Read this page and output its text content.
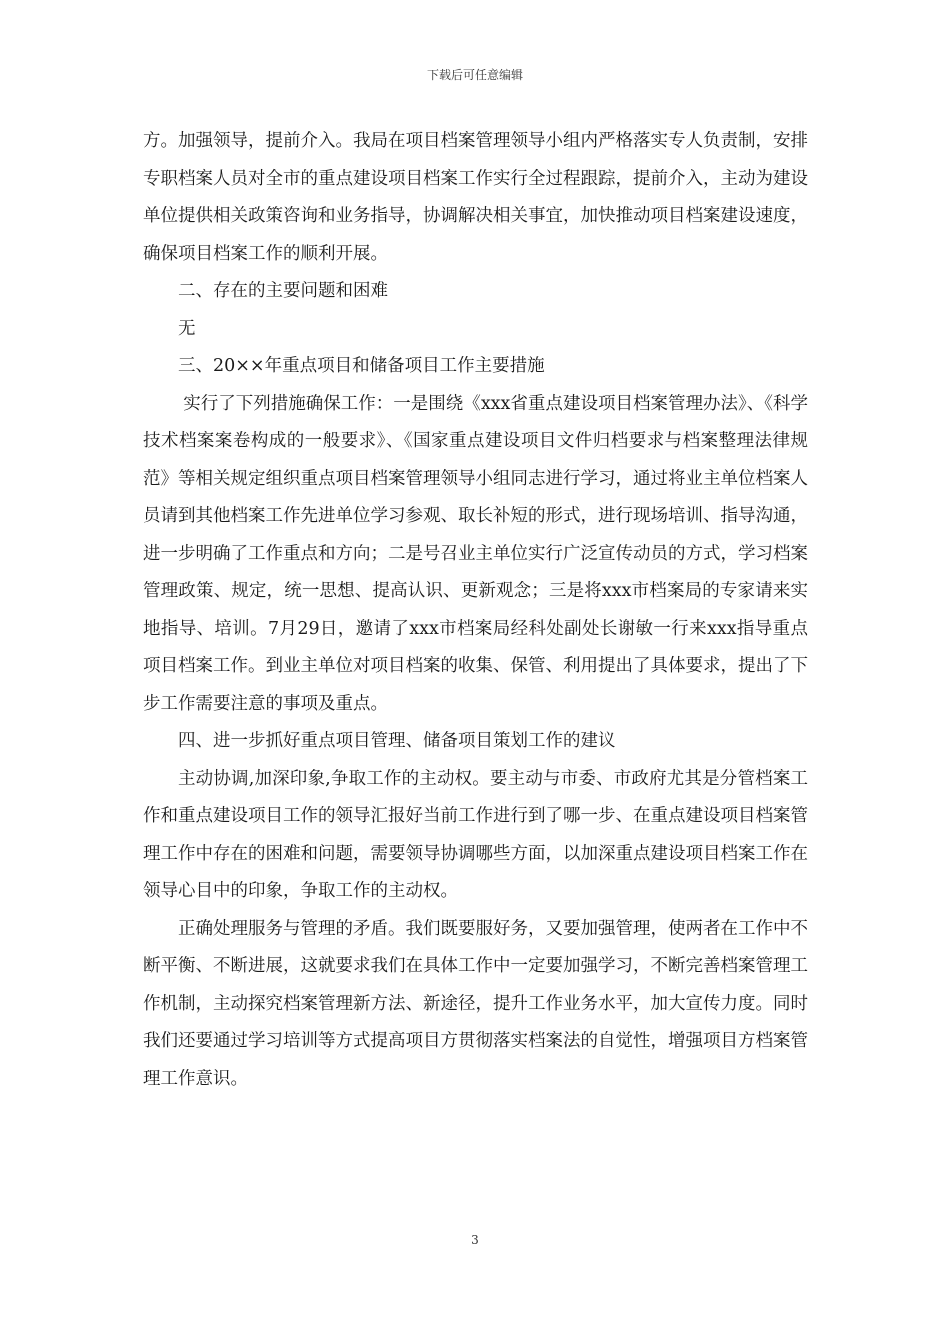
下载后可任意编辑

方。加强领导，提前介入。我局在项目档案管理领导小组内严格落实专人负责制，安排专职档案人员对全市的重点建设项目档案工作实行全过程跟踪，提前介入，主动为建设单位提供相关政策咨询和业务指导，协调解决相关事宜，加快推动项目档案建设速度，确保项目档案工作的顺利开展。

二、存在的主要问题和困难

无

三、20××年重点项目和储备项目工作主要措施

实行了下列措施确保工作：一是围绕《xxx省重点建设项目档案管理办法》、《科学技术档案案卷构成的一般要求》、《国家重点建设项目文件归档要求与档案整理法律规范》等相关规定组织重点项目档案管理领导小组同志进行学习，通过将业主单位档案人员请到其他档案工作先进单位学习参观、取长补短的形式，进行现场培训、指导沟通，进一步明确了工作重点和方向；二是号召业主单位实行广泛宣传动员的方式，学习档案管理政策、规定，统一思想、提高认识、更新观念；三是将xxx市档案局的专家请来实地指导、培训。7月29日，邀请了xxx市档案局经科处副处长谢敏一行来xxx指导重点项目档案工作。到业主单位对项目档案的收集、保管、利用提出了具体要求，提出了下步工作需要注意的事项及重点。

四、进一步抓好重点项目管理、储备项目策划工作的建议

主动协调,加深印象,争取工作的主动权。要主动与市委、市政府尤其是分管档案工作和重点建设项目工作的领导汇报好当前工作进行到了哪一步、在重点建设项目档案管理工作中存在的困难和问题，需要领导协调哪些方面，以加深重点建设项目档案工作在领导心目中的印象，争取工作的主动权。

正确处理服务与管理的矛盾。我们既要服好务，又要加强管理，使两者在工作中不断平衡、不断进展，这就要求我们在具体工作中一定要加强学习，不断完善档案管理工作机制，主动探究档案管理新方法、新途径，提升工作业务水平，加大宣传力度。同时我们还要通过学习培训等方式提高项目方贯彻落实档案法的自觉性，增强项目方档案管理工作意识。

3
